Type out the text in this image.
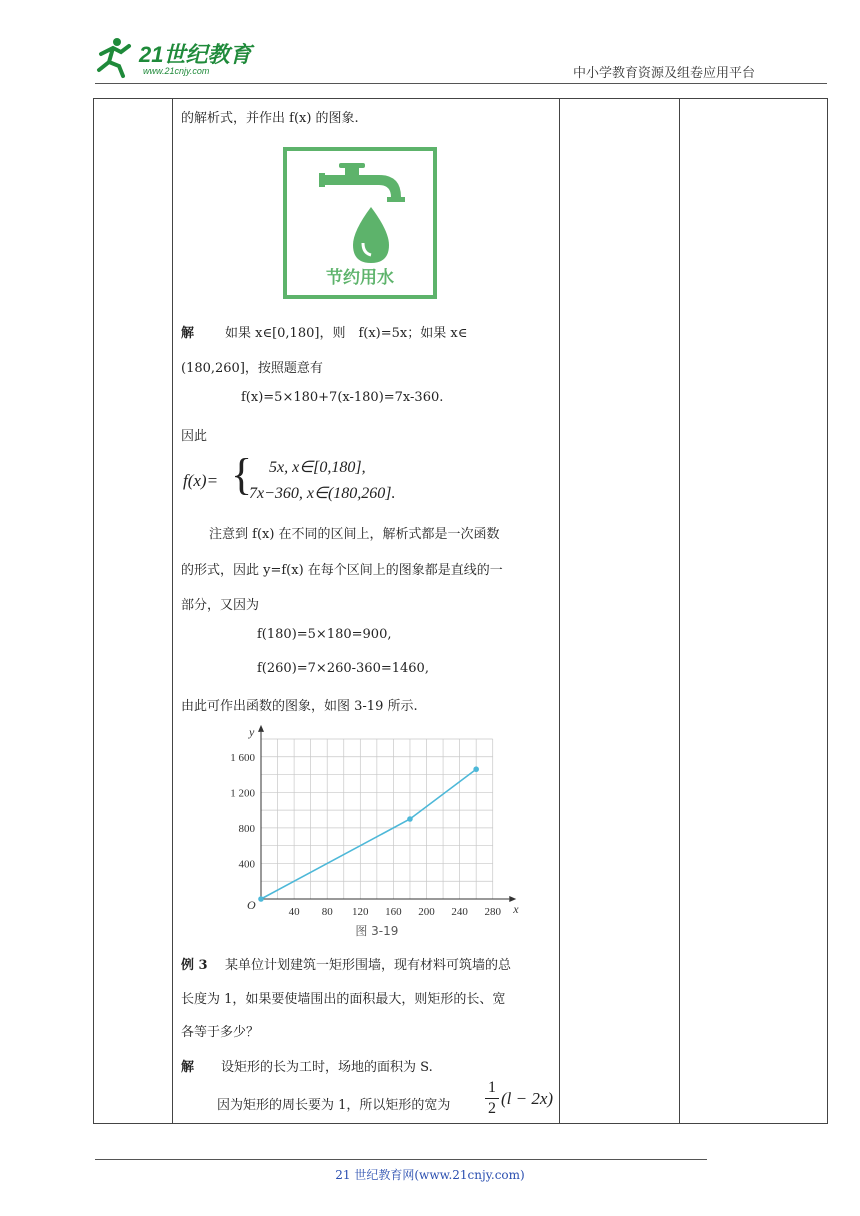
21世纪教育
www.21cnjy.com	中小学教育资源及组卷应用平台

的解析式，并作出 f(x) 的图象.
节约用水
解 如果 x∈[0,180]，则　f(x)=5x；如果 x∈
(180,260]，按照题意有
f(x)=5×180+7(x-180)=7x-360.
因此
f(x)= { 5x, x∈[0,180],
7x−360, x∈(180,260].
注意到 f(x) 在不同的区间上，解析式都是一次函数
的形式，因此 y=f(x) 在每个区间上的图象都是直线的一
部分，又因为
f(180)=5×180=900,
f(260)=7×260-360=1460,
由此可作出函数的图象，如图 3-19 所示.
40 80 120 160 200 240 280
400
800
1 200
1 600
O	x
y
图 3-19
例 3 某单位计划建筑一矩形围墙，现有材料可筑墙的总
长度为 1，如果要使墙围出的面积最大，则矩形的长、宽
各等于多少？
解 设矩形的长为工时，场地的面积为 S.
因为矩形的周长要为 1，所以矩形的宽为
1
2
(l − 2x)

21 世纪教育网(www.21cnjy.com)
